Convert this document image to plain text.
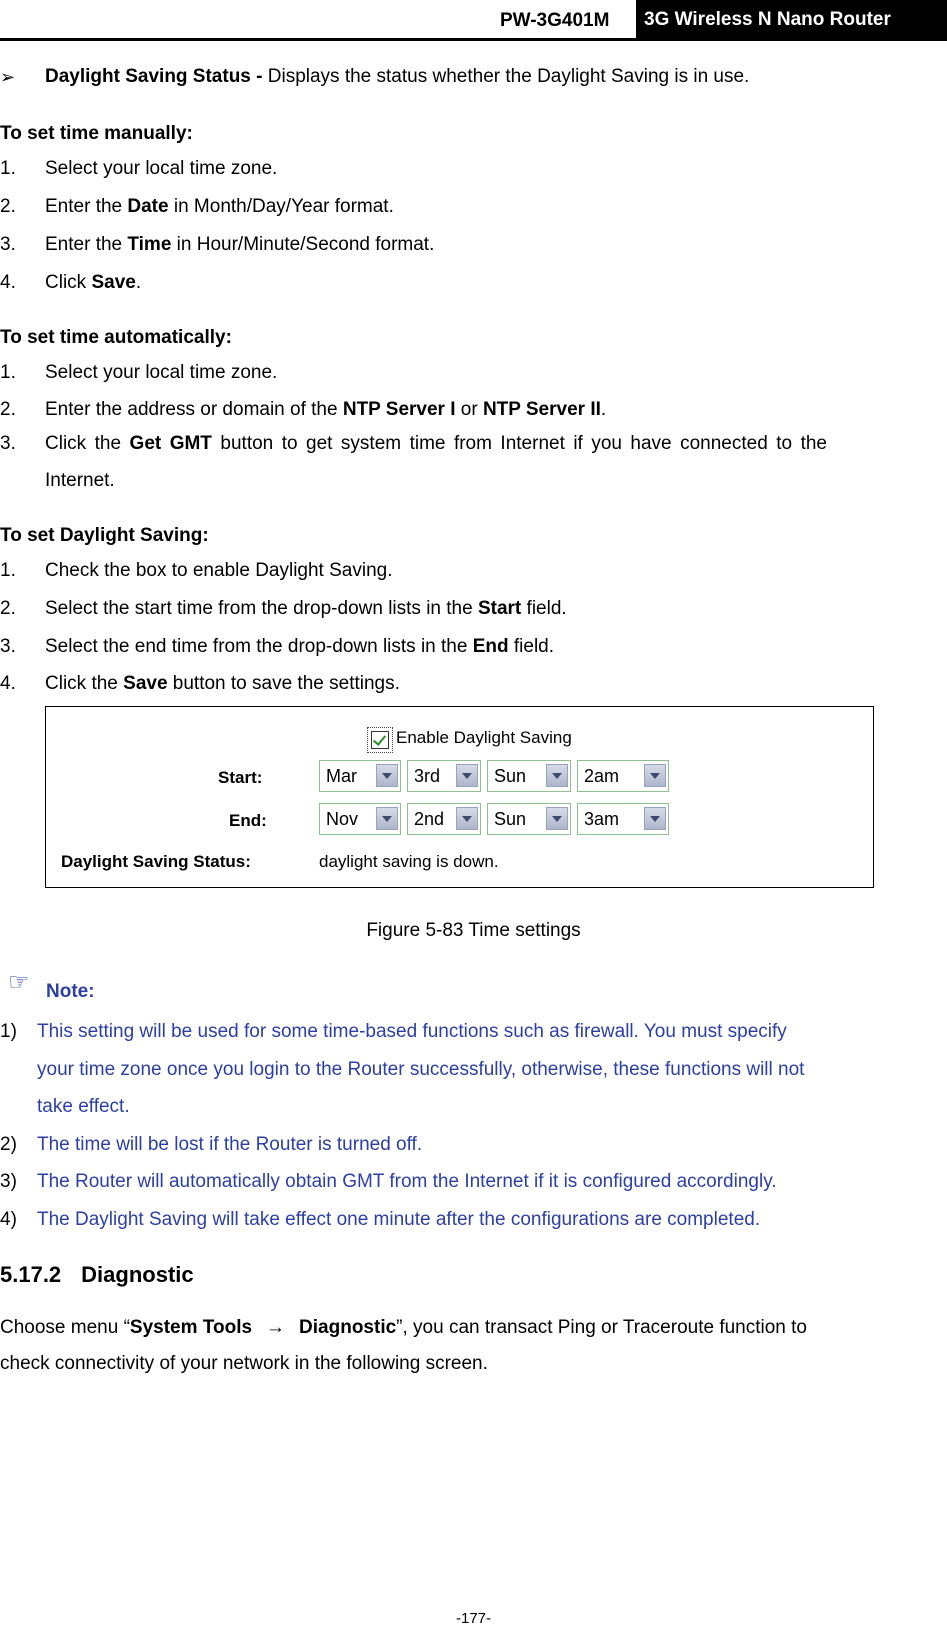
PW-3G401M	3G Wireless N Nano Router
➢ Daylight Saving Status - Displays the status whether the Daylight Saving is in use.
To set time manually:
1. Select your local time zone.
2. Enter the Date in Month/Day/Year format.
3. Enter the Time in Hour/Minute/Second format.
4. Click Save.
To set time automatically:
1. Select your local time zone.
2. Enter the address or domain of the NTP Server I or NTP Server II.
3. Click the Get GMT button to get system time from Internet if you have connected to the
Internet.
To set Daylight Saving:
1. Check the box to enable Daylight Saving.
2. Select the start time from the drop-down lists in the Start field.
3. Select the end time from the drop-down lists in the End field.
4. Click the Save button to save the settings.
Enable Daylight Saving
Start:	Mar	3rd	Sun	2am
End:	Nov	2nd	Sun	3am
Daylight Saving Status:	daylight saving is down.
Figure 5-83 Time settings
☞ Note:
1) This setting will be used for some time-based functions such as firewall. You must specify
your time zone once you login to the Router successfully, otherwise, these functions will not
take effect.
2) The time will be lost if the Router is turned off.
3) The Router will automatically obtain GMT from the Internet if it is configured accordingly.
4) The Daylight Saving will take effect one minute after the configurations are completed.
5.17.2 Diagnostic
Choose menu “System Tools → Diagnostic”, you can transact Ping or Traceroute function to
check connectivity of your network in the following screen.
-177-
